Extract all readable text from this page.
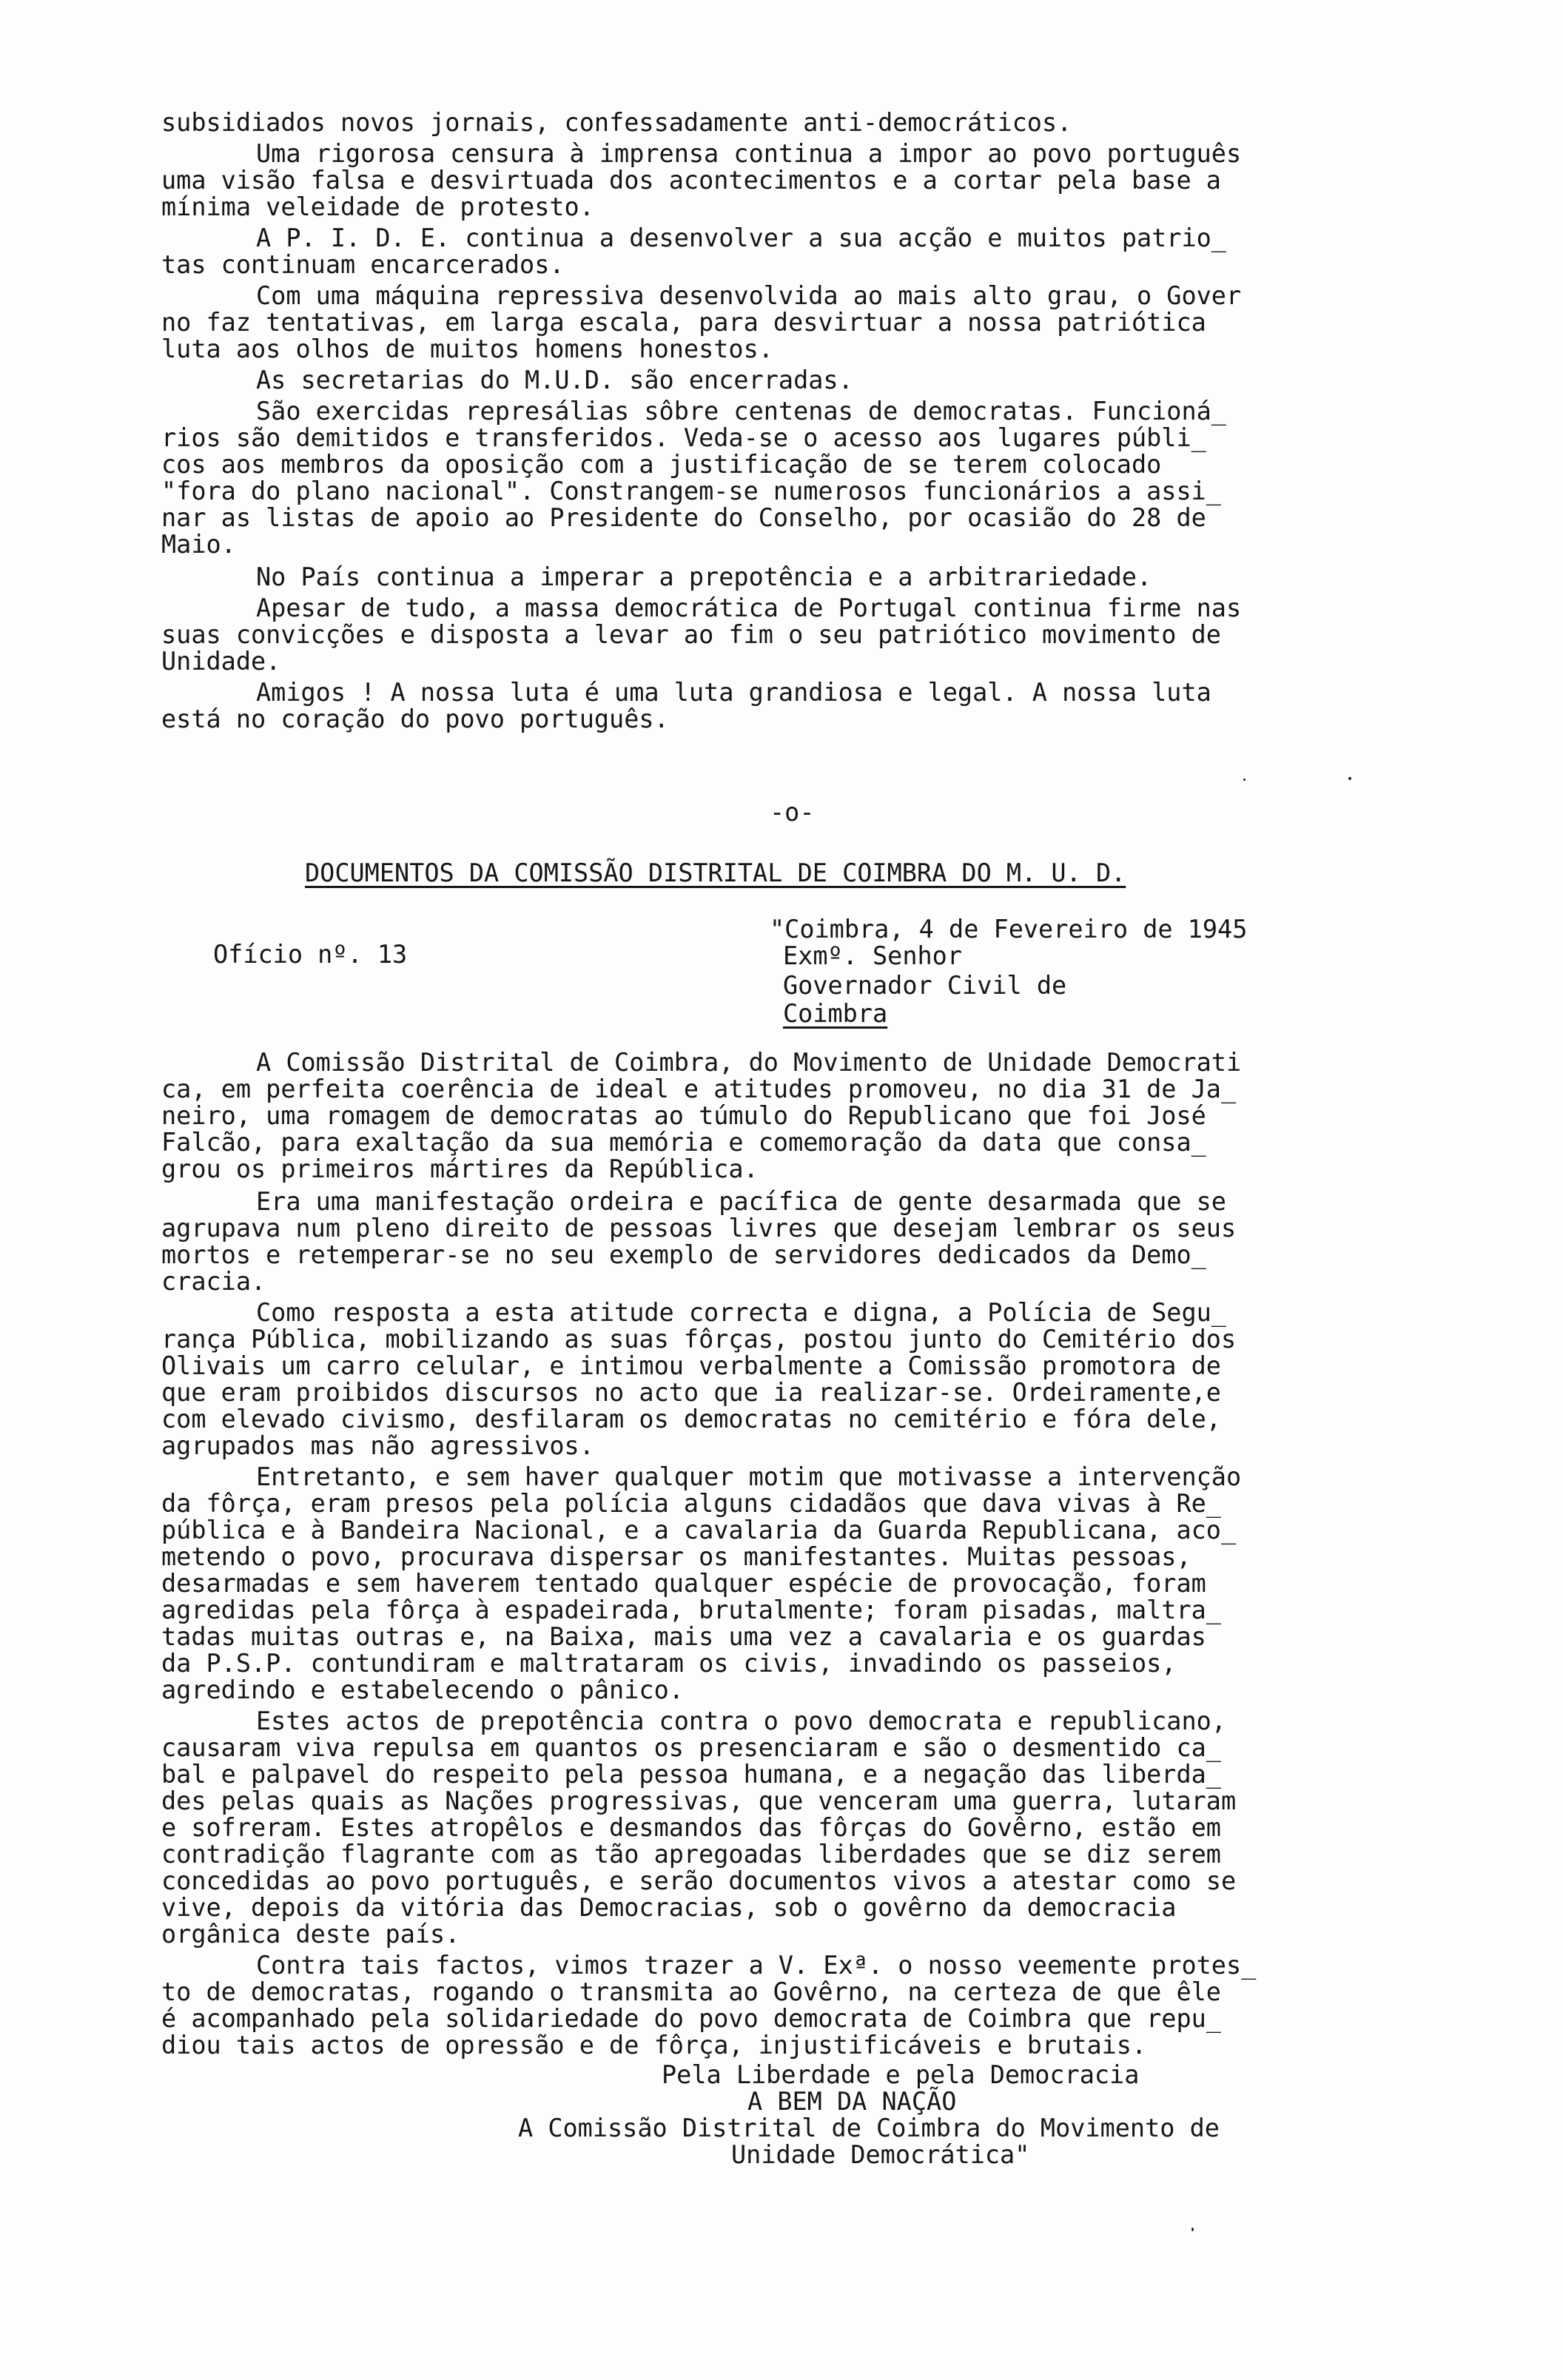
subsidiados novos jornais, confessadamente anti-democráticos.
Uma rigorosa censura à imprensa continua a impor ao povo português
uma visão falsa e desvirtuada dos acontecimentos e a cortar pela base a
mínima veleidade de protesto.
A P. I. D. E. continua a desenvolver a sua acção e muitos patrio_
tas continuam encarcerados.
Com uma máquina repressiva desenvolvida ao mais alto grau, o Gover
no faz tentativas, em larga escala, para desvirtuar a nossa patriótica
luta aos olhos de muitos homens honestos.
As secretarias do M.U.D. são encerradas.
São exercidas represálias sôbre centenas de democratas. Funcioná_
rios são demitidos e transferidos. Veda-se o acesso aos lugares públi_
cos aos membros da oposição com a justificação de se terem colocado
"fora do plano nacional". Constrangem-se numerosos funcionários a assi_
nar as listas de apoio ao Presidente do Conselho, por ocasião do 28 de
Maio.
No País continua a imperar a prepotência e a arbitrariedade.
Apesar de tudo, a massa democrática de Portugal continua firme nas
suas convicções e disposta a levar ao fim o seu patriótico movimento de
Unidade.
Amigos ! A nossa luta é uma luta grandiosa e legal. A nossa luta
está no coração do povo português.
-o-
DOCUMENTOS DA COMISSÃO DISTRITAL DE COIMBRA DO M. U. D.
Ofício nº. 13
"Coimbra, 4 de Fevereiro de 1945
Exmº. Senhor
Governador Civil de
Coimbra
A Comissão Distrital de Coimbra, do Movimento de Unidade Democrati
ca, em perfeita coerência de ideal e atitudes promoveu, no dia 31 de Ja_
neiro, uma romagem de democratas ao túmulo do Republicano que foi José
Falcão, para exaltação da sua memória e comemoração da data que consa_
grou os primeiros mártires da República.
Era uma manifestação ordeira e pacífica de gente desarmada que se
agrupava num pleno direito de pessoas livres que desejam lembrar os seus
mortos e retemperar-se no seu exemplo de servidores dedicados da Demo_
cracia.
Como resposta a esta atitude correcta e digna, a Polícia de Segu_
rança Pública, mobilizando as suas fôrças, postou junto do Cemitério dos
Olivais um carro celular, e intimou verbalmente a Comissão promotora de
que eram proibidos discursos no acto que ia realizar-se. Ordeiramente,e
com elevado civismo, desfilaram os democratas no cemitério e fóra dele,
agrupados mas não agressivos.
Entretanto, e sem haver qualquer motim que motivasse a intervenção
da fôrça, eram presos pela polícia alguns cidadãos que dava vivas à Re_
pública e à Bandeira Nacional, e a cavalaria da Guarda Republicana, aco_
metendo o povo, procurava dispersar os manifestantes. Muitas pessoas,
desarmadas e sem haverem tentado qualquer espécie de provocação, foram
agredidas pela fôrça à espadeirada, brutalmente; foram pisadas, maltra_
tadas muitas outras e, na Baixa, mais uma vez a cavalaria e os guardas
da P.S.P. contundiram e maltrataram os civis, invadindo os passeios,
agredindo e estabelecendo o pânico.
Estes actos de prepotência contra o povo democrata e republicano,
causaram viva repulsa em quantos os presenciaram e são o desmentido ca_
bal e palpavel do respeito pela pessoa humana, e a negação das liberda_
des pelas quais as Nações progressivas, que venceram uma guerra, lutaram
e sofreram. Estes atropêlos e desmandos das fôrças do Govêrno, estão em
contradição flagrante com as tão apregoadas liberdades que se diz serem
concedidas ao povo português, e serão documentos vivos a atestar como se
vive, depois da vitória das Democracias, sob o govêrno da democracia
orgânica deste país.
Contra tais factos, vimos trazer a V. Exª. o nosso veemente protes_
to de democratas, rogando o transmita ao Govêrno, na certeza de que êle
é acompanhado pela solidariedade do povo democrata de Coimbra que repu_
diou tais actos de opressão e de fôrça, injustificáveis e brutais.
Pela Liberdade e pela Democracia
A BEM DA NAÇÃO
A Comissão Distrital de Coimbra do Movimento de
Unidade Democrática"
